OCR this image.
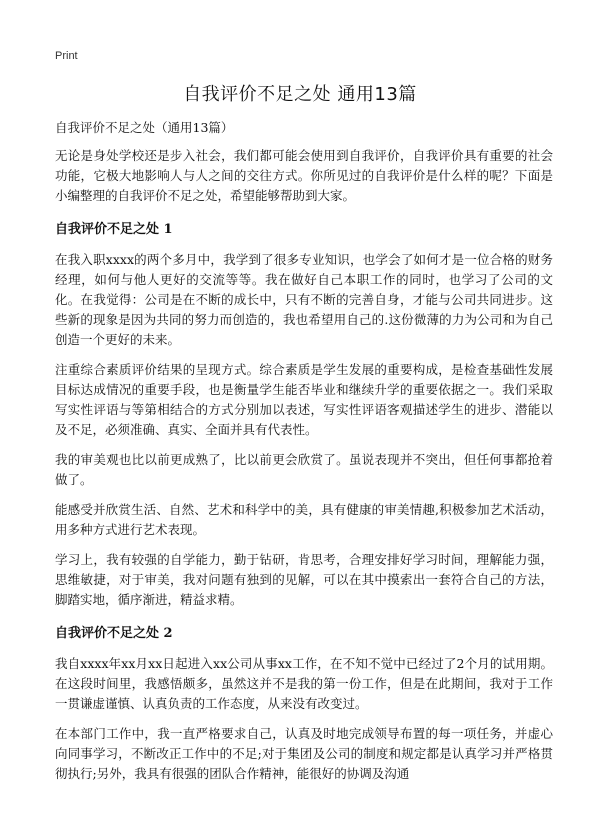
Print
自我评价不足之处 通用13篇

自我评价不足之处（通用13篇）

无论是身处学校还是步入社会，我们都可能会使用到自我评价，自我评价具有重要的社会功能，它极大地影响人与人之间的交往方式。你所见过的自我评价是什么样的呢？下面是小编整理的自我评价不足之处，希望能够帮助到大家。

自我评价不足之处 1

在我入职xxxx的两个多月中，我学到了很多专业知识，也学会了如何才是一位合格的财务经理，如何与他人更好的交流等等。我在做好自己本职工作的同时，也学习了公司的文化。在我觉得：公司是在不断的成长中，只有不断的完善自身，才能与公司共同进步。这些新的现象是因为共同的努力而创造的，我也希望用自己的.这份微薄的力为公司和为自己创造一个更好的未来。

注重综合素质评价结果的呈现方式。综合素质是学生发展的重要构成，是检查基础性发展目标达成情况的重要手段，也是衡量学生能否毕业和继续升学的重要依据之一。我们采取写实性评语与等第相结合的方式分别加以表述，写实性评语客观描述学生的进步、潜能以及不足，必须准确、真实、全面并具有代表性。

我的审美观也比以前更成熟了，比以前更会欣赏了。虽说表现并不突出，但任何事都抢着做了。

能感受并欣赏生活、自然、艺术和科学中的美，具有健康的审美情趣,积极参加艺术活动，用多种方式进行艺术表现。

学习上，我有较强的自学能力，勤于钻研，肯思考，合理安排好学习时间，理解能力强，思维敏捷，对于审美，我对问题有独到的见解，可以在其中摸索出一套符合自己的方法，脚踏实地，循序渐进，精益求精。

自我评价不足之处 2

我自xxxx年xx月xx日起进入xx公司从事xx工作，在不知不觉中已经过了2个月的试用期。在这段时间里，我感悟颇多，虽然这并不是我的第一份工作，但是在此期间，我对于工作一贯谦虚谨慎、认真负责的工作态度，从来没有改变过。

在本部门工作中，我一直严格要求自己，认真及时地完成领导布置的每一项任务，并虚心向同事学习，不断改正工作中的不足;对于集团及公司的制度和规定都是认真学习并严格贯彻执行;另外，我具有很强的团队合作精神，能很好的协调及沟通
